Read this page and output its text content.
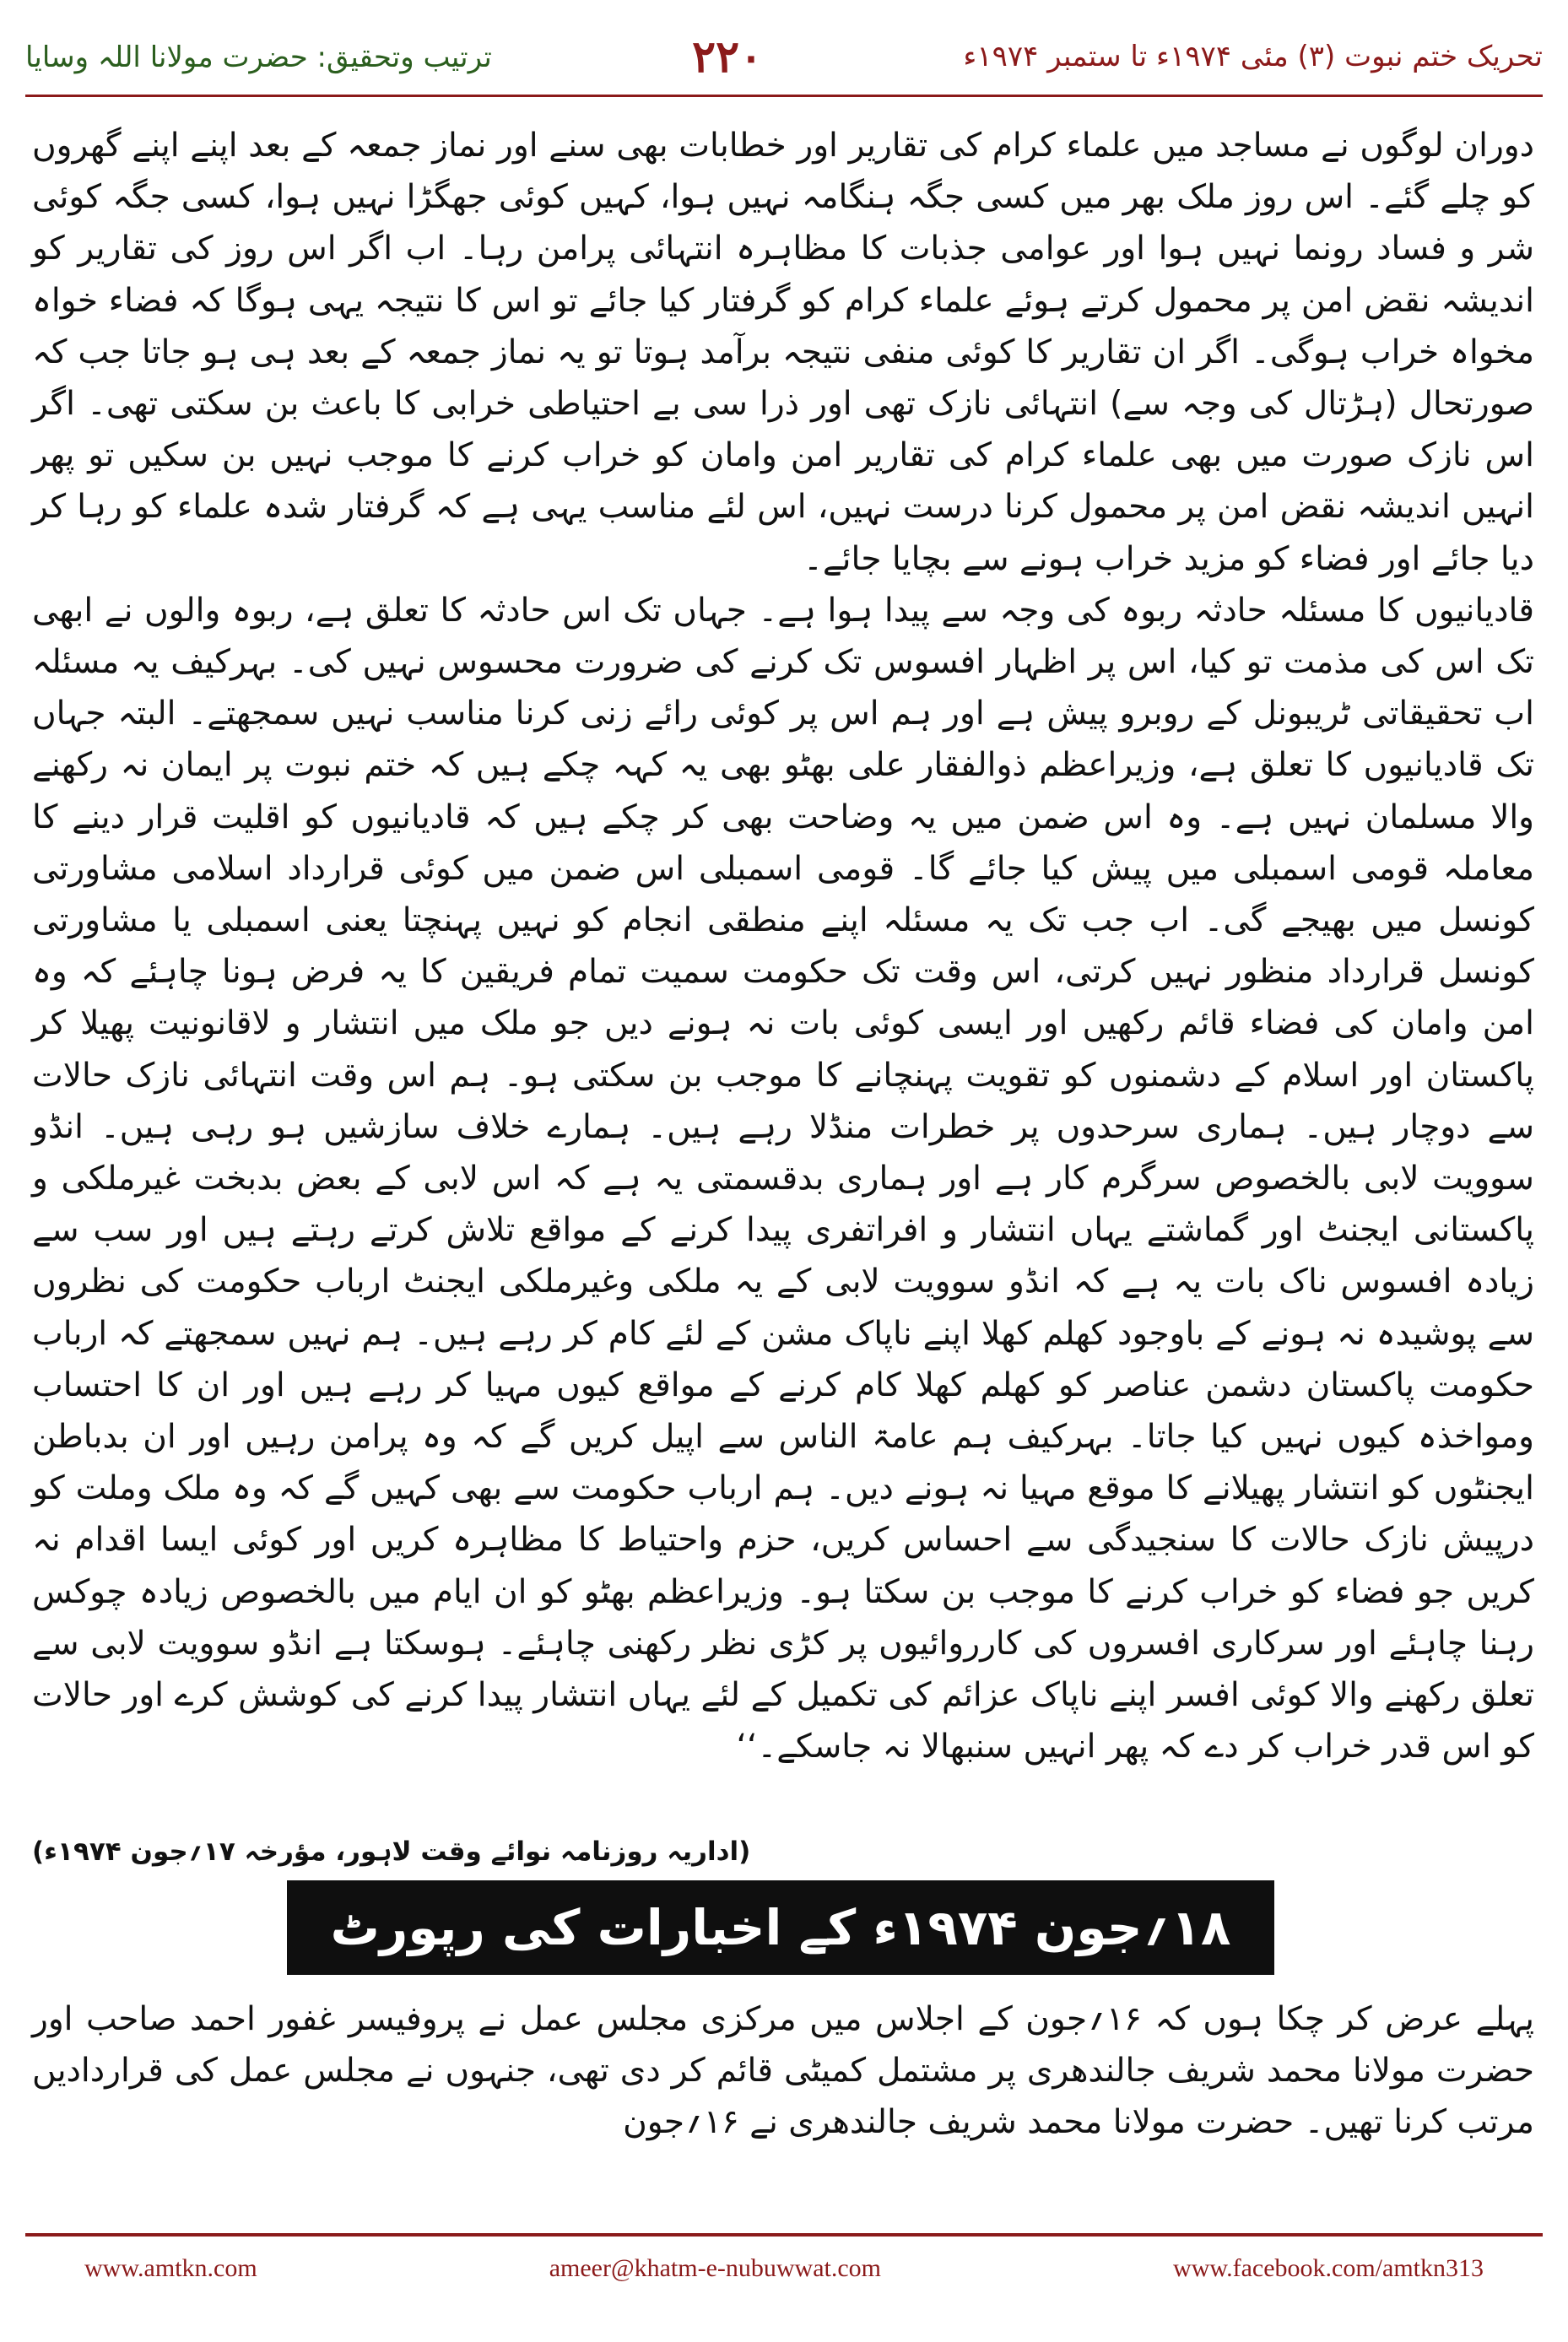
تحریک ختم نبوت (۳) مئی ۱۹۷۴ء تا ستمبر ۱۹۷۴ء
۲۲۰
ترتیب وتحقیق: حضرت مولانا اللہ وسایا

دوران لوگوں نے مساجد میں علماء کرام کی تقاریر اور خطابات بھی سنے اور نماز جمعہ کے بعد اپنے اپنے گھروں کو چلے گئے۔ اس روز ملک بھر میں کسی جگہ ہنگامہ نہیں ہوا، کہیں کوئی جھگڑا نہیں ہوا، کسی جگہ کوئی شر و فساد رونما نہیں ہوا اور عوامی جذبات کا مظاہرہ انتہائی پرامن رہا۔ اب اگر اس روز کی تقاریر کو اندیشہ نقض امن پر محمول کرتے ہوئے علماء کرام کو گرفتار کیا جائے تو اس کا نتیجہ یہی ہوگا کہ فضاء خواہ مخواہ خراب ہوگی۔ اگر ان تقاریر کا کوئی منفی نتیجہ برآمد ہوتا تو یہ نماز جمعہ کے بعد ہی ہو جاتا جب کہ صورتحال (ہڑتال کی وجہ سے) انتہائی نازک تھی اور ذرا سی بے احتیاطی خرابی کا باعث بن سکتی تھی۔ اگر اس نازک صورت میں بھی علماء کرام کی تقاریر امن وامان کو خراب کرنے کا موجب نہیں بن سکیں تو پھر انہیں اندیشہ نقض امن پر محمول کرنا درست نہیں، اس لئے مناسب یہی ہے کہ گرفتار شدہ علماء کو رہا کر دیا جائے اور فضاء کو مزید خراب ہونے سے بچایا جائے۔

قادیانیوں کا مسئلہ حادثہ ربوہ کی وجہ سے پیدا ہوا ہے۔ جہاں تک اس حادثہ کا تعلق ہے، ربوہ والوں نے ابھی تک اس کی مذمت تو کیا، اس پر اظہار افسوس تک کرنے کی ضرورت محسوس نہیں کی۔ بہرکیف یہ مسئلہ اب تحقیقاتی ٹریبونل کے روبرو پیش ہے اور ہم اس پر کوئی رائے زنی کرنا مناسب نہیں سمجھتے۔ البتہ جہاں تک قادیانیوں کا تعلق ہے، وزیراعظم ذوالفقار علی بھٹو بھی یہ کہہ چکے ہیں کہ ختم نبوت پر ایمان نہ رکھنے والا مسلمان نہیں ہے۔ وہ اس ضمن میں یہ وضاحت بھی کر چکے ہیں کہ قادیانیوں کو اقلیت قرار دینے کا معاملہ قومی اسمبلی میں پیش کیا جائے گا۔ قومی اسمبلی اس ضمن میں کوئی قرارداد اسلامی مشاورتی کونسل میں بھیجے گی۔ اب جب تک یہ مسئلہ اپنے منطقی انجام کو نہیں پہنچتا یعنی اسمبلی یا مشاورتی کونسل قرارداد منظور نہیں کرتی، اس وقت تک حکومت سمیت تمام فریقین کا یہ فرض ہونا چاہئے کہ وہ امن وامان کی فضاء قائم رکھیں اور ایسی کوئی بات نہ ہونے دیں جو ملک میں انتشار و لاقانونیت پھیلا کر پاکستان اور اسلام کے دشمنوں کو تقویت پہنچانے کا موجب بن سکتی ہو۔ ہم اس وقت انتہائی نازک حالات سے دوچار ہیں۔ ہماری سرحدوں پر خطرات منڈلا رہے ہیں۔ ہمارے خلاف سازشیں ہو رہی ہیں۔ انڈو سوویت لابی بالخصوص سرگرم کار ہے اور ہماری بدقسمتی یہ ہے کہ اس لابی کے بعض بدبخت غیرملکی و پاکستانی ایجنٹ اور گماشتے یہاں انتشار و افراتفری پیدا کرنے کے مواقع تلاش کرتے رہتے ہیں اور سب سے زیادہ افسوس ناک بات یہ ہے کہ انڈو سوویت لابی کے یہ ملکی وغیرملکی ایجنٹ ارباب حکومت کی نظروں سے پوشیدہ نہ ہونے کے باوجود کھلم کھلا اپنے ناپاک مشن کے لئے کام کر رہے ہیں۔ ہم نہیں سمجھتے کہ ارباب حکومت پاکستان دشمن عناصر کو کھلم کھلا کام کرنے کے مواقع کیوں مہیا کر رہے ہیں اور ان کا احتساب ومواخذہ کیوں نہیں کیا جاتا۔ بہرکیف ہم عامۃ الناس سے اپیل کریں گے کہ وہ پرامن رہیں اور ان بدباطن ایجنٹوں کو انتشار پھیلانے کا موقع مہیا نہ ہونے دیں۔ ہم ارباب حکومت سے بھی کہیں گے کہ وہ ملک وملت کو درپیش نازک حالات کا سنجیدگی سے احساس کریں، حزم واحتیاط کا مظاہرہ کریں اور کوئی ایسا اقدام نہ کریں جو فضاء کو خراب کرنے کا موجب بن سکتا ہو۔ وزیراعظم بھٹو کو ان ایام میں بالخصوص زیادہ چوکس رہنا چاہئے اور سرکاری افسروں کی کارروائیوں پر کڑی نظر رکھنی چاہئے۔ ہوسکتا ہے انڈو سوویت لابی سے تعلق رکھنے والا کوئی افسر اپنے ناپاک عزائم کی تکمیل کے لئے یہاں انتشار پیدا کرنے کی کوشش کرے اور حالات کو اس قدر خراب کر دے کہ پھر انہیں سنبھالا نہ جاسکے۔‘‘

(اداریہ روزنامہ نوائے وقت لاہور، مؤرخہ ۱۷؍جون ۱۹۷۴ء)
۱۸؍جون ۱۹۷۴ء کے اخبارات کی رپورٹ

پہلے عرض کر چکا ہوں کہ ۱۶؍جون کے اجلاس میں مرکزی مجلس عمل نے پروفیسر غفور احمد صاحب اور حضرت مولانا محمد شریف جالندھری پر مشتمل کمیٹی قائم کر دی تھی، جنہوں نے مجلس عمل کی قراردادیں مرتب کرنا تھیں۔ حضرت مولانا محمد شریف جالندھری نے ۱۶؍جون

www.amtkn.com	ameer@khatm-e-nubuwwat.com	www.facebook.com/amtkn313
